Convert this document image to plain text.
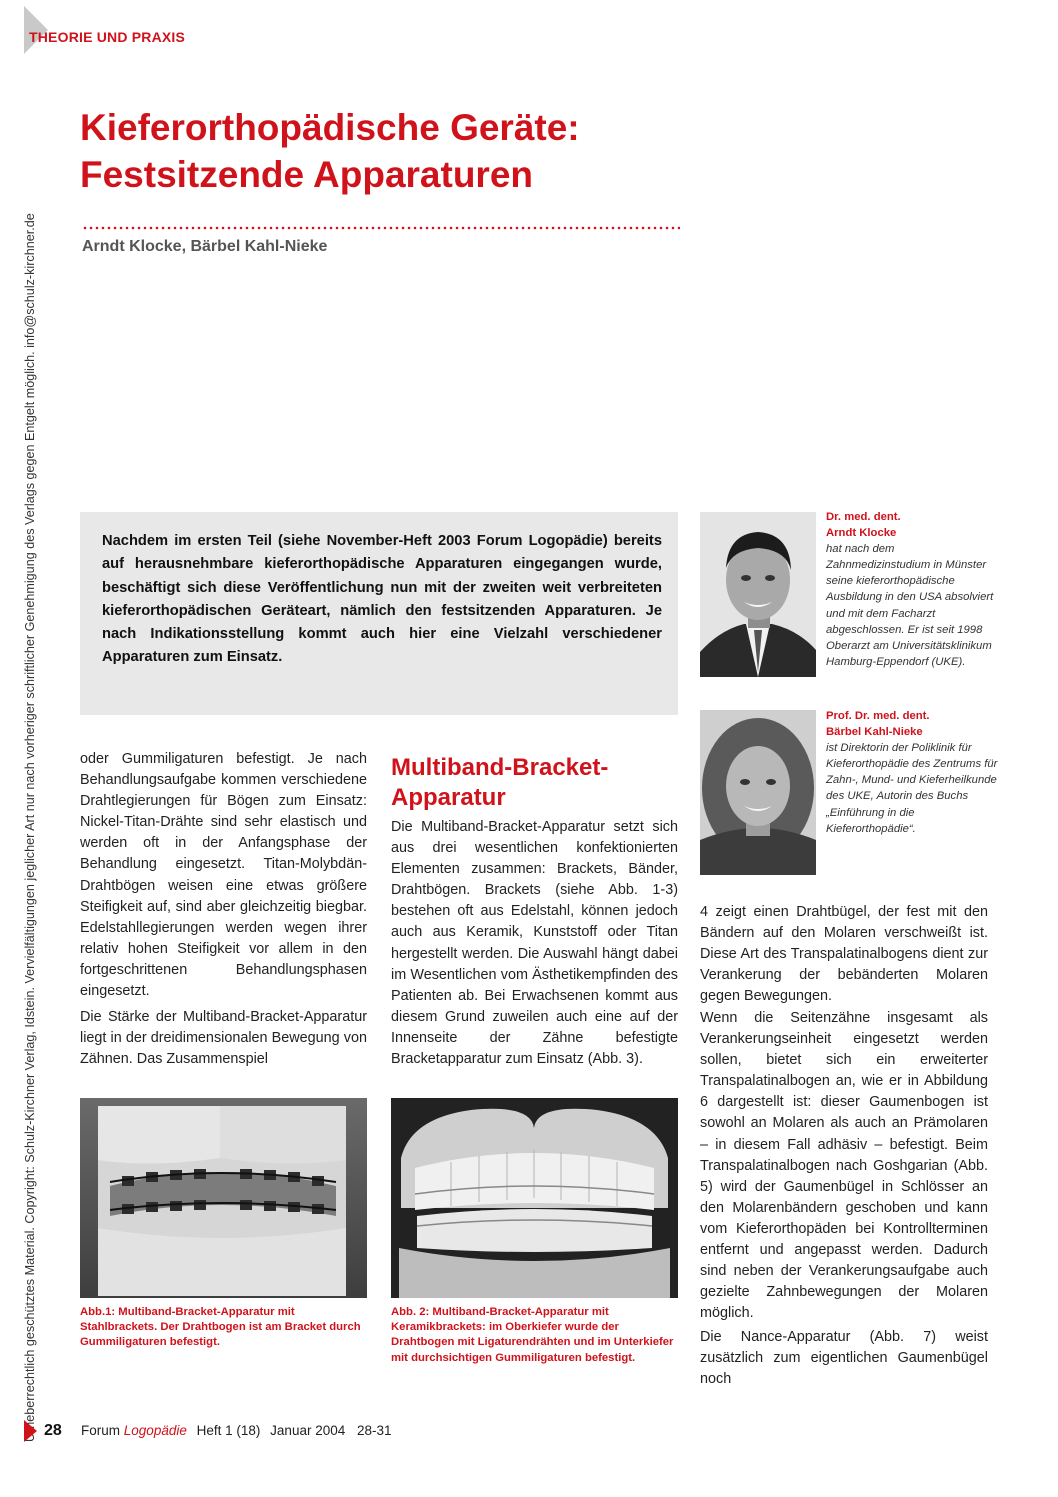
THEORIE UND PRAXIS
Urheberrechtlich geschütztes Material. Copyright: Schulz-Kirchner Verlag, Idstein. Vervielfältigungen jeglicher Art nur nach vorheriger schriftlicher Genehmigung des Verlags gegen Entgelt möglich. info@schulz-kirchner.de
Kieferorthopädische Geräte:
Festsitzende Apparaturen
Arndt Klocke, Bärbel Kahl-Nieke

Nachdem im ersten Teil (siehe November-Heft 2003 Forum Logopädie) bereits auf herausnehmbare kieferorthopädische Apparaturen eingegangen wurde, beschäftigt sich diese Veröffentlichung nun mit der zweiten weit verbreiteten kieferorthopädischen Geräteart, nämlich den festsitzenden Apparaturen. Je nach Indikationsstellung kommt auch hier eine Vielzahl verschiedener Apparaturen zum Einsatz.

Dr. med. dent.
Arndt Klocke
hat nach dem Zahnmedizinstudium in Münster seine kieferorthopädische Ausbildung in den USA absolviert und mit dem Facharzt abgeschlossen. Er ist seit 1998 Oberarzt am Universitätsklinikum Hamburg-Eppendorf (UKE).
Prof. Dr. med. dent.
Bärbel Kahl-Nieke
ist Direktorin der Poliklinik für Kieferorthopädie des Zentrums für Zahn-, Mund- und Kieferheilkunde des UKE, Autorin des Buchs „Einführung in die Kieferorthopädie“.

oder Gummiligaturen befestigt. Je nach Behandlungsaufgabe kommen verschiedene Drahtlegierungen für Bögen zum Einsatz: Nickel-Titan-Drähte sind sehr elastisch und werden oft in der Anfangsphase der Behandlung eingesetzt. Titan-Molybdän-Drahtbögen weisen eine etwas größere Steifigkeit auf, sind aber gleichzeitig biegbar. Edelstahllegierungen werden wegen ihrer relativ hohen Steifigkeit vor allem in den fortgeschrittenen Behandlungsphasen eingesetzt.

Die Stärke der Multiband-Bracket-Apparatur liegt in der dreidimensionalen Bewegung von Zähnen. Das Zusammenspiel

Multiband-Bracket-Apparatur

Die Multiband-Bracket-Apparatur setzt sich aus drei wesentlichen konfektionierten Elementen zusammen: Brackets, Bänder, Drahtbögen. Brackets (siehe Abb. 1-3) bestehen oft aus Edelstahl, können jedoch auch aus Keramik, Kunststoff oder Titan hergestellt werden. Die Auswahl hängt dabei im Wesentlichen vom Ästhetikempfinden des Patienten ab. Bei Erwachsenen kommt aus diesem Grund zuweilen auch eine auf der Innenseite der Zähne befestigte Bracketapparatur zum Einsatz (Abb. 3).

4 zeigt einen Drahtbügel, der fest mit den Bändern auf den Molaren verschweißt ist. Diese Art des Transpalatinalbogens dient zur Verankerung der bebänderten Molaren gegen Bewegungen.

Wenn die Seitenzähne insgesamt als Verankerungseinheit eingesetzt werden sollen, bietet sich ein erweiterter Transpalatinalbogen an, wie er in Abbildung 6 dargestellt ist: dieser Gaumenbogen ist sowohl an Molaren als auch an Prämolaren – in diesem Fall adhäsiv – befestigt. Beim Transpalatinalbogen nach Goshgarian (Abb. 5) wird der Gaumenbügel in Schlösser an den Molarenbändern geschoben und kann vom Kieferorthopäden bei Kontrollterminen entfernt und angepasst werden. Dadurch sind neben der Verankerungsaufgabe auch gezielte Zahnbewegungen der Molaren möglich.

Die Nance-Apparatur (Abb. 7) weist zusätzlich zum eigentlichen Gaumenbügel noch

Abb.1: Multiband-Bracket-Apparatur mit Stahlbrackets. Der Drahtbogen ist am Bracket durch Gummiligaturen befestigt.

Abb. 2: Multiband-Bracket-Apparatur mit Keramikbrackets: im Oberkiefer wurde der Drahtbogen mit Ligaturendrähten und im Unterkiefer mit durchsichtigen Gummiligaturen befestigt.

28 Forum Logopädie Heft 1 (18) Januar 2004 28-31
